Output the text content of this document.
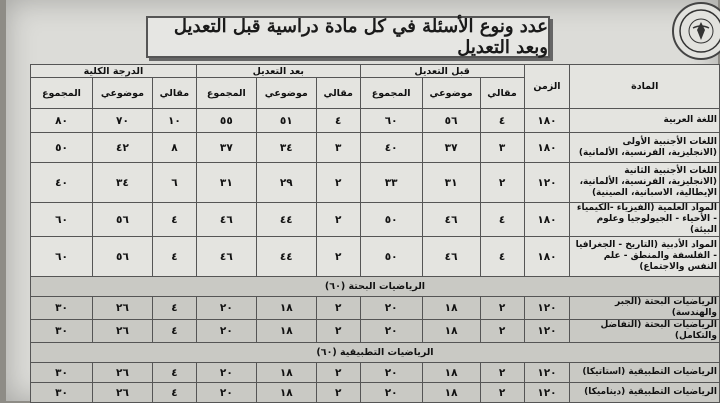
عدد ونوع الأسئلة في كل مادة دراسية قبل التعديل وبعد التعديل
المادة	الزمن	قبل التعديل			بعد التعديل			الدرجة الكلية		
		مقالي	موضوعي	المجموع	مقالي	موضوعي	المجموع	مقالي	موضوعي	المجموع
اللغة العربية	١٨٠	٤	٥٦	٦٠	٤	٥١	٥٥	١٠	٧٠	٨٠
اللغات الأجنبية الأولى (الانجليزية، الفرنسية، الألمانية)	١٨٠	٣	٣٧	٤٠	٣	٣٤	٣٧	٨	٤٢	٥٠
اللغات الأجنبية الثانية (الانجليزية، الفرنسية، الألمانية، الإيطالية، الاسبانية، الصينية)	١٢٠	٢	٣١	٣٣	٢	٢٩	٣١	٦	٣٤	٤٠
المواد العلمية (الفيزياء -الكيمياء - الأحياء - الجيولوجيا وعلوم البيئة)	١٨٠	٤	٤٦	٥٠	٢	٤٤	٤٦	٤	٥٦	٦٠
المواد الأدبية (التاريخ - الجغرافيا - الفلسفة والمنطق - علم النفس والاجتماع)	١٨٠	٤	٤٦	٥٠	٢	٤٤	٤٦	٤	٥٦	٦٠
الرياضيات البحتة (٦٠)										
الرياضيات البحتة (الجبر والهندسة)	١٢٠	٢	١٨	٢٠	٢	١٨	٢٠	٤	٢٦	٣٠
الرياضيات البحتة (التفاضل والتكامل)	١٢٠	٢	١٨	٢٠	٢	١٨	٢٠	٤	٢٦	٣٠
الرياضيات التطبيقية (٦٠)										
الرياضيات التطبيقية (استاتيكا)	١٢٠	٢	١٨	٢٠	٢	١٨	٢٠	٤	٢٦	٣٠
الرياضيات التطبيقية (ديناميكا)	١٢٠	٢	١٨	٢٠	٢	١٨	٢٠	٤	٢٦	٣٠
